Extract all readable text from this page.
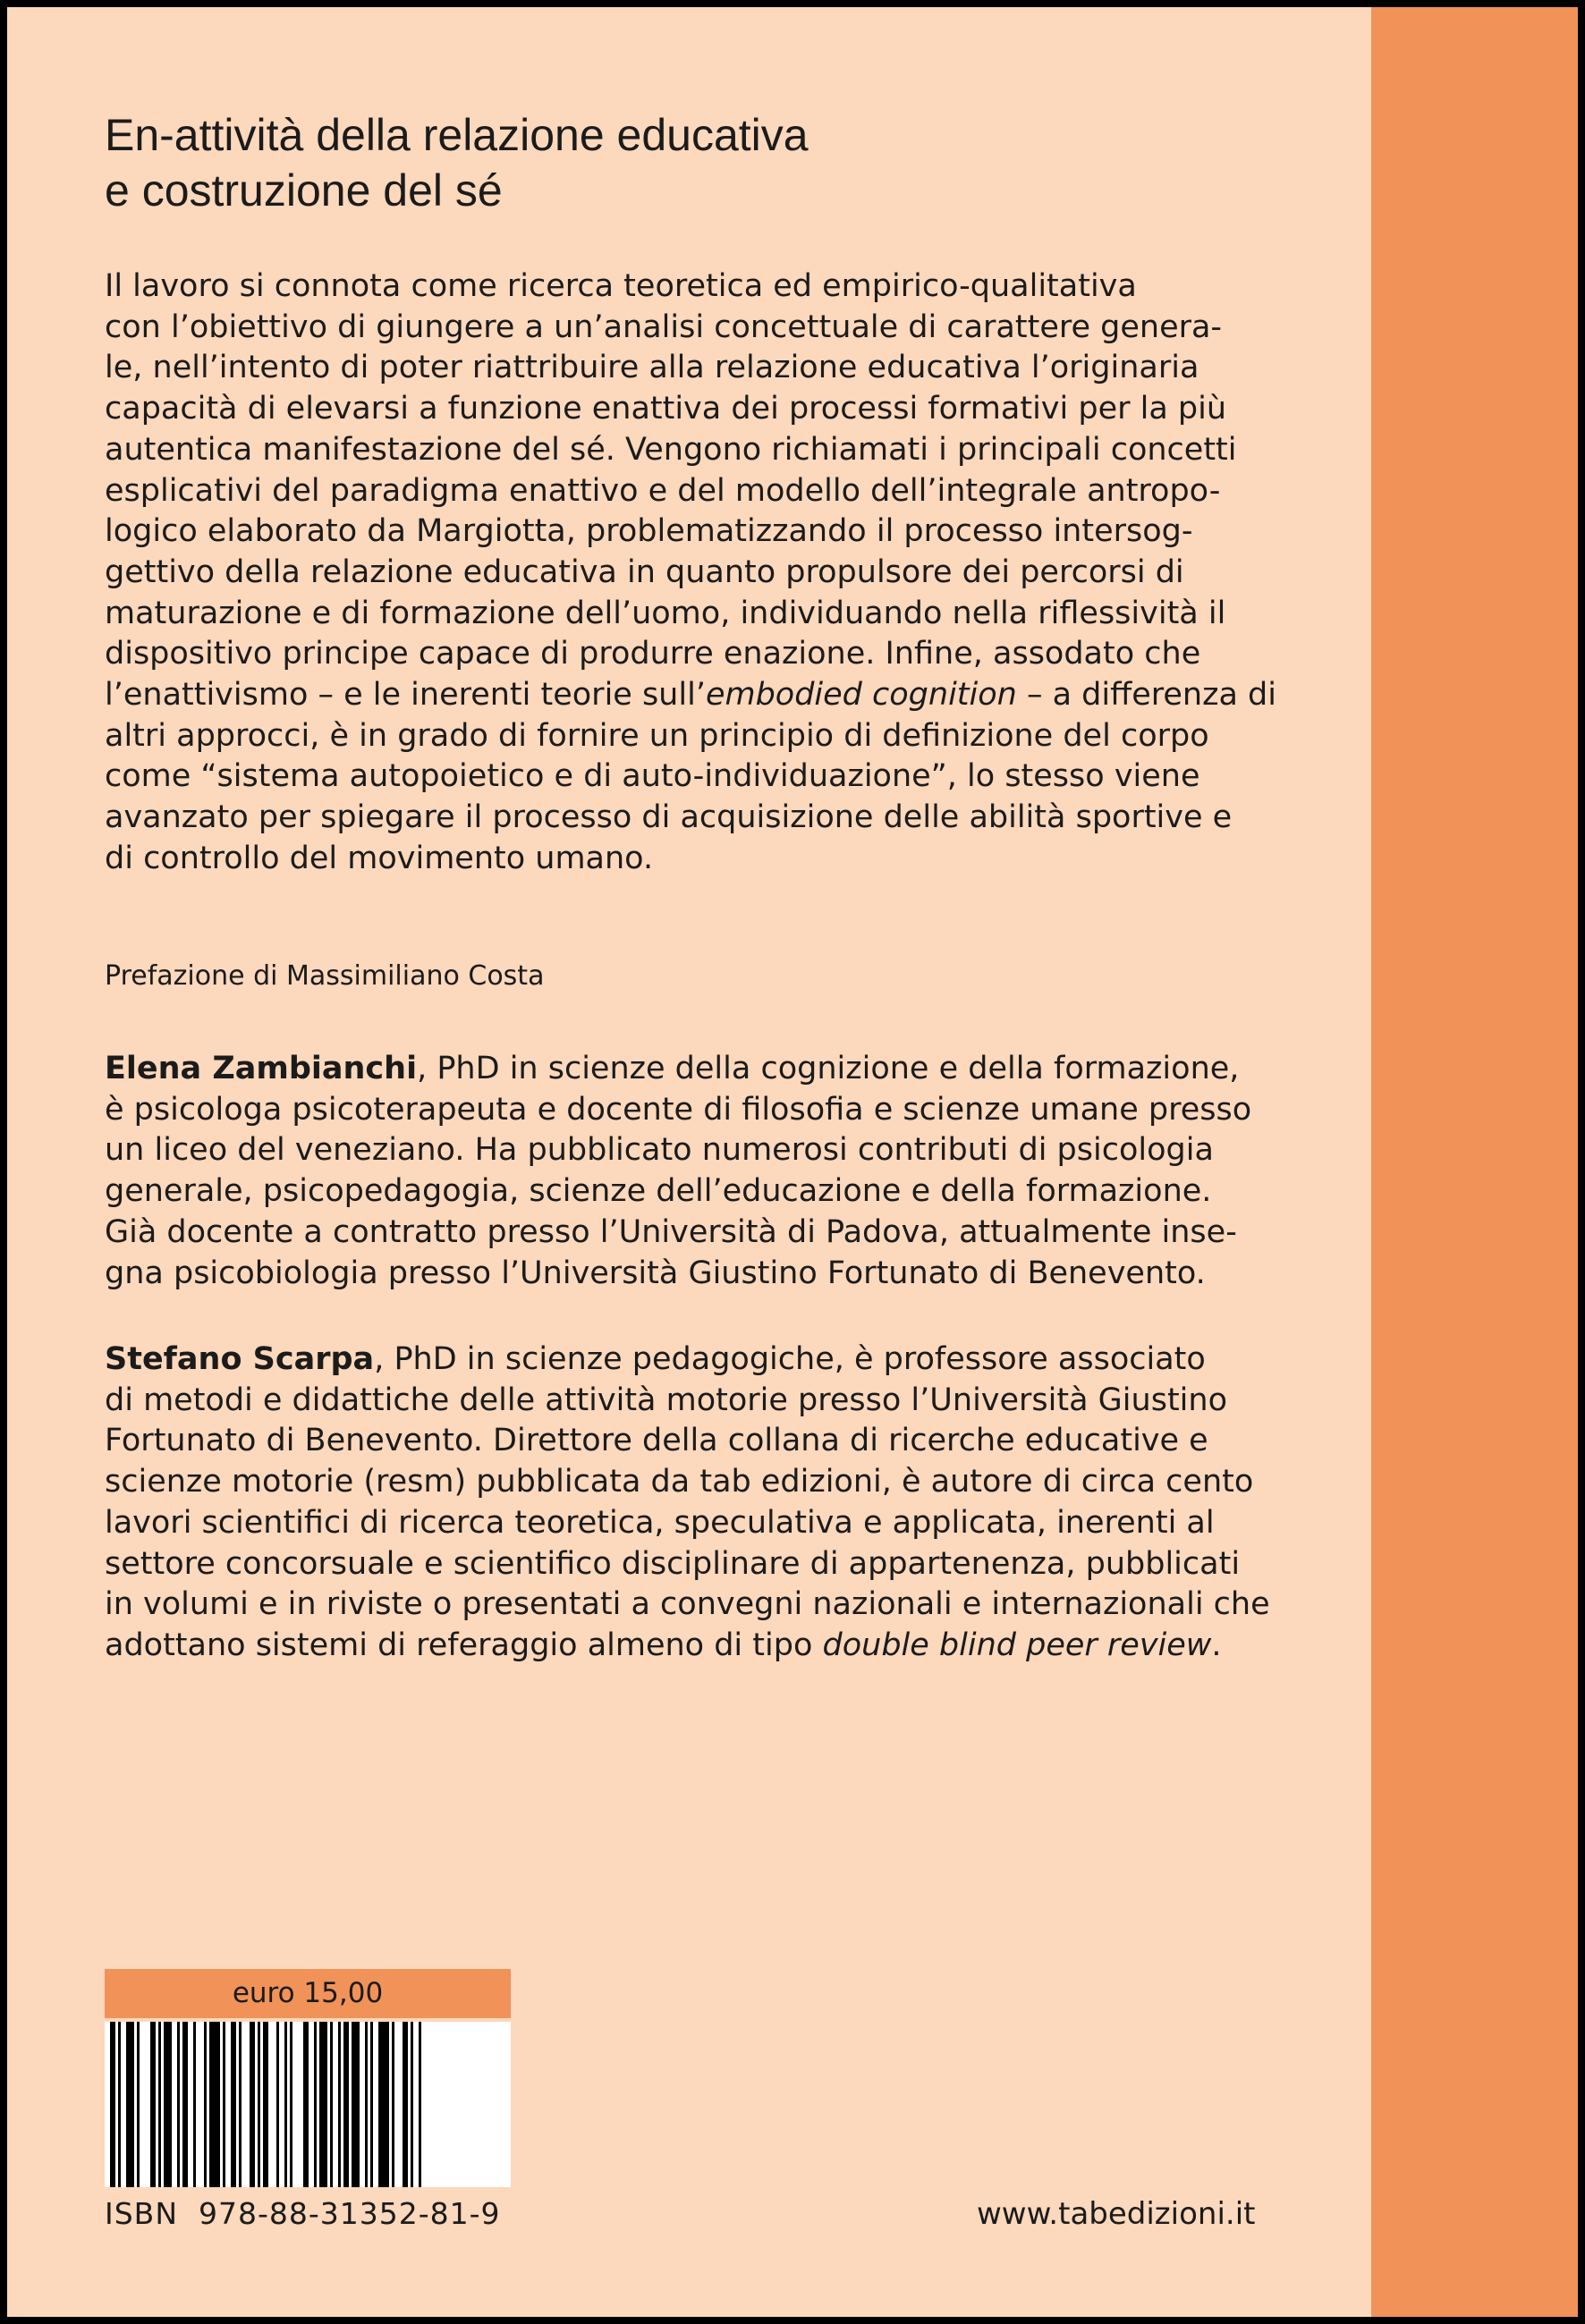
En-attività della relazione educativa
e costruzione del sé

Il lavoro si connota come ricerca teoretica ed empirico-qualitativa
con l’obiettivo di giungere a un’analisi concettuale di carattere genera-
le, nell’intento di poter riattribuire alla relazione educativa l’originaria
capacità di elevarsi a funzione enattiva dei processi formativi per la più
autentica manifestazione del sé. Vengono richiamati i principali concetti
esplicativi del paradigma enattivo e del modello dell’integrale antropo-
logico elaborato da Margiotta, problematizzando il processo intersog-
gettivo della relazione educativa in quanto propulsore dei percorsi di
maturazione e di formazione dell’uomo, individuando nella riflessività il
dispositivo principe capace di produrre enazione. Infine, assodato che
l’enattivismo – e le inerenti teorie sull’embodied cognition – a differenza di
altri approcci, è in grado di fornire un principio di definizione del corpo
come “sistema autopoietico e di auto-individuazione”, lo stesso viene
avanzato per spiegare il processo di acquisizione delle abilità sportive e
di controllo del movimento umano.

Prefazione di Massimiliano Costa

Elena Zambianchi, PhD in scienze della cognizione e della formazione,
è psicologa psicoterapeuta e docente di filosofia e scienze umane presso
un liceo del veneziano. Ha pubblicato numerosi contributi di psicologia
generale, psicopedagogia, scienze dell’educazione e della formazione.
Già docente a contratto presso l’Università di Padova, attualmente inse-
gna psicobiologia presso l’Università Giustino Fortunato di Benevento.

Stefano Scarpa, PhD in scienze pedagogiche, è professore associato
di metodi e didattiche delle attività motorie presso l’Università Giustino
Fortunato di Benevento. Direttore della collana di ricerche educative e
scienze motorie (resm) pubblicata da tab edizioni, è autore di circa cento
lavori scientifici di ricerca teoretica, speculativa e applicata, inerenti al
settore concorsuale e scientifico disciplinare di appartenenza, pubblicati
in volumi e in riviste o presentati a convegni nazionali e internazionali che
adottano sistemi di referaggio almeno di tipo double blind peer review.

euro 15,00
ISBN  978-88-31352-81-9	www.tabedizioni.it
